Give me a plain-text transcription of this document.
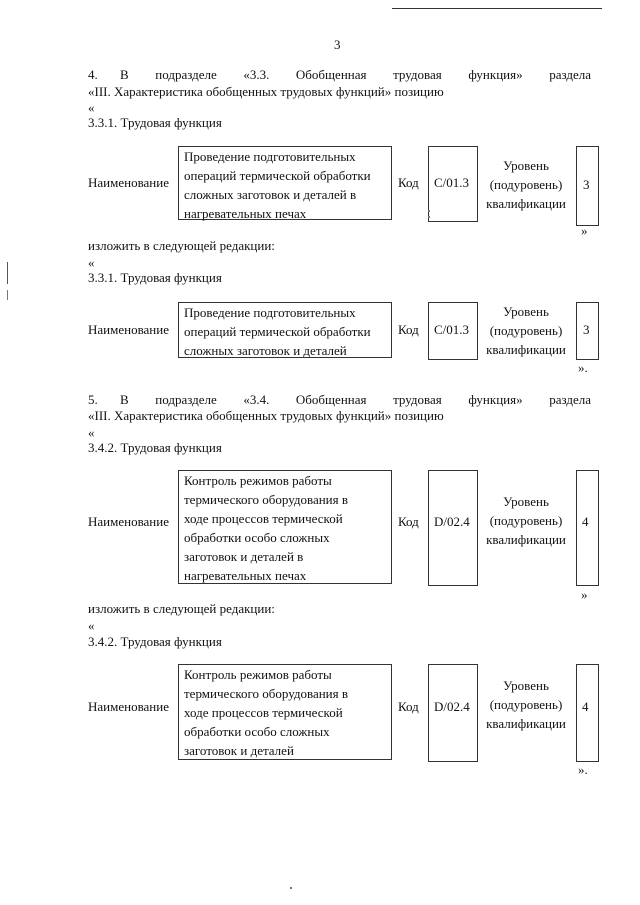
3
4. В подразделе «3.3. Обобщенная трудовая функция» раздела
«III. Характеристика обобщенных трудовых функций» позицию
«
3.3.1. Трудовая функция
Наименование
Проведение подготовительных
операций термической обработки
сложных заготовок и деталей в
нагревательных печах
Код C/01.3
Уровень
(подуровень)
квалификации
3
»
изложить в следующей редакции:
«
3.3.1. Трудовая функция
Наименование
Проведение подготовительных
операций термической обработки
сложных заготовок и деталей
Код C/01.3
Уровень
(подуровень)
квалификации
3
».
5. В подразделе «3.4. Обобщенная трудовая функция» раздела
«III. Характеристика обобщенных трудовых функций» позицию
«
3.4.2. Трудовая функция
Наименование
Контроль режимов работы
термического оборудования в
ходе процессов термической
обработки особо сложных
заготовок и деталей в
нагревательных печах
Код D/02.4
Уровень
(подуровень)
квалификации
4
»
изложить в следующей редакции:
«
3.4.2. Трудовая функция
Наименование
Контроль режимов работы
термического оборудования в
ходе процессов термической
обработки особо сложных
заготовок и деталей
Код D/02.4
Уровень
(подуровень)
квалификации
4
».
